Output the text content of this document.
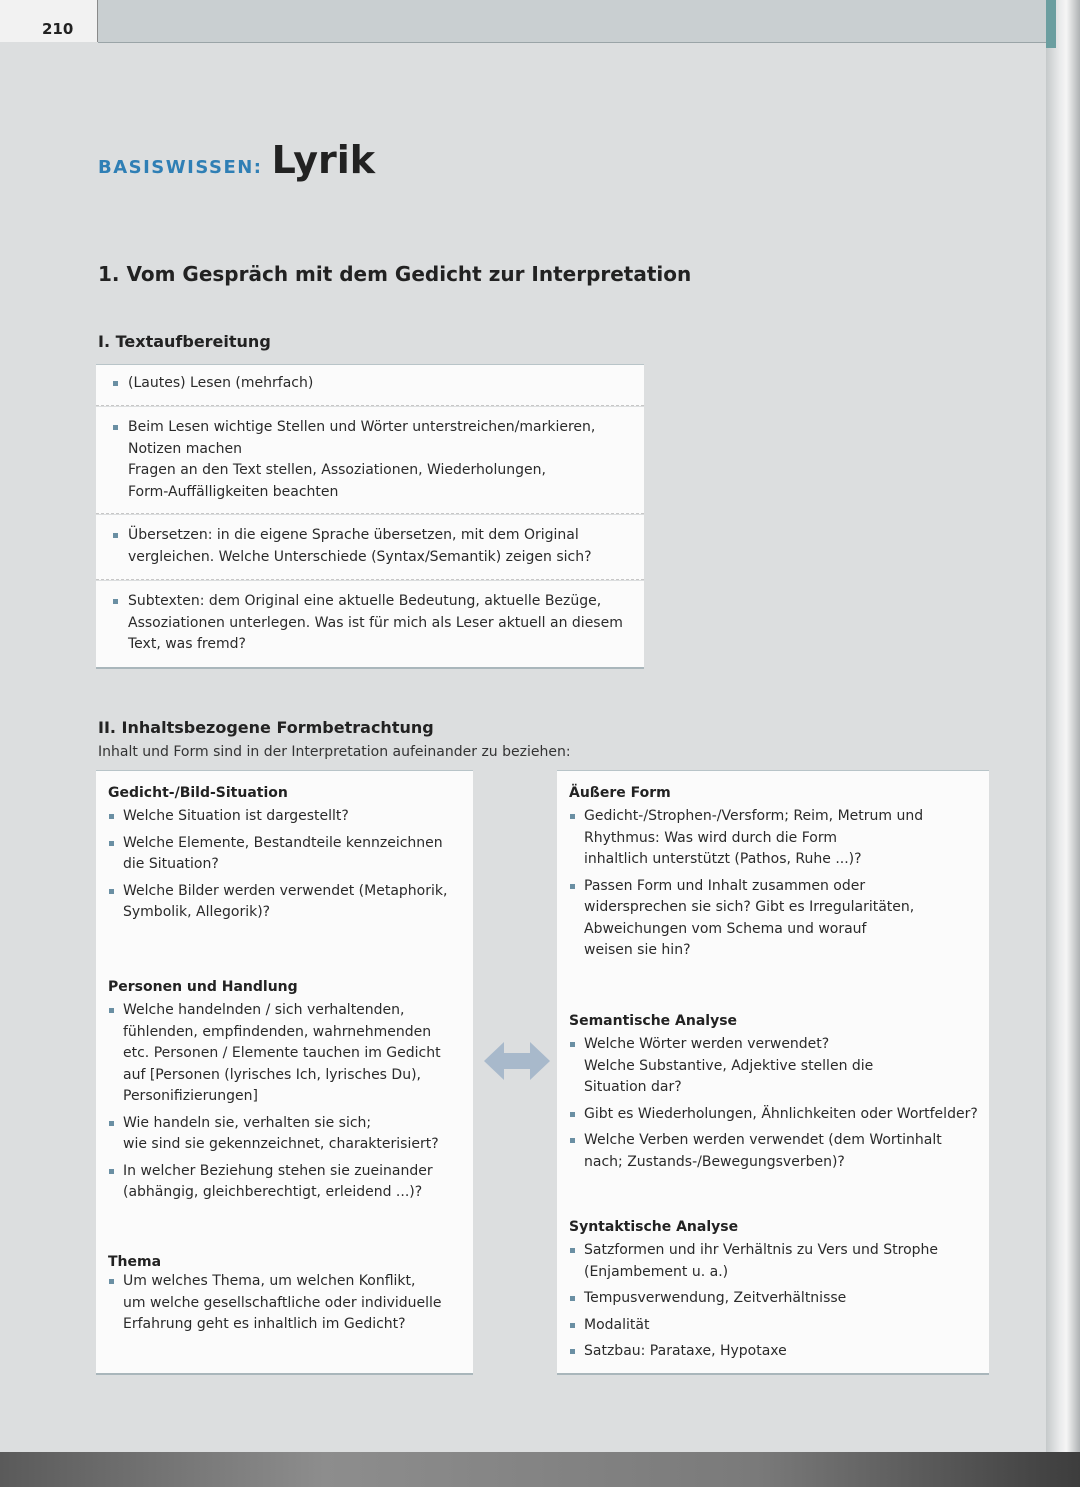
210
BASISWISSEN: Lyrik
1. Vom Gespräch mit dem Gedicht zur Interpretation
I. Textaufbereitung
(Lautes) Lesen (mehrfach)
Beim Lesen wichtige Stellen und Wörter unterstreichen/markieren,
Notizen machen
Fragen an den Text stellen, Assoziationen, Wiederholungen,
Form-Auffälligkeiten beachten
Übersetzen: in die eigene Sprache übersetzen, mit dem Original
vergleichen. Welche Unterschiede (Syntax/Semantik) zeigen sich?
Subtexten: dem Original eine aktuelle Bedeutung, aktuelle Bezüge,
Assoziationen unterlegen. Was ist für mich als Leser aktuell an diesem
Text, was fremd?
II. Inhaltsbezogene Formbetrachtung
Inhalt und Form sind in der Interpretation aufeinander zu beziehen:
Gedicht-/Bild-Situation
Welche Situation ist dargestellt?
Welche Elemente, Bestandteile kennzeichnen
die Situation?
Welche Bilder werden verwendet (Metaphorik,
Symbolik, Allegorik)?
Personen und Handlung
Welche handelnden / sich verhaltenden,
fühlenden, empfindenden, wahrnehmenden
etc. Personen / Elemente tauchen im Gedicht
auf [Personen (lyrisches Ich, lyrisches Du),
Personifizierungen]
Wie handeln sie, verhalten sie sich;
wie sind sie gekennzeichnet, charakterisiert?
In welcher Beziehung stehen sie zueinander
(abhängig, gleichberechtigt, erleidend ...)?
Thema
Um welches Thema, um welchen Konflikt,
um welche gesellschaftliche oder individuelle
Erfahrung geht es inhaltlich im Gedicht?
Äußere Form
Gedicht-/Strophen-/Versform; Reim, Metrum und
Rhythmus: Was wird durch die Form
inhaltlich unterstützt (Pathos, Ruhe ...)?
Passen Form und Inhalt zusammen oder
widersprechen sie sich? Gibt es Irregularitäten,
Abweichungen vom Schema und worauf
weisen sie hin?
Semantische Analyse
Welche Wörter werden verwendet?
Welche Substantive, Adjektive stellen die
Situation dar?
Gibt es Wiederholungen, Ähnlichkeiten oder Wortfelder?
Welche Verben werden verwendet (dem Wortinhalt
nach; Zustands-/Bewegungsverben)?
Syntaktische Analyse
Satzformen und ihr Verhältnis zu Vers und Strophe
(Enjambement u. a.)
Tempusverwendung, Zeitverhältnisse
Modalität
Satzbau: Parataxe, Hypotaxe
